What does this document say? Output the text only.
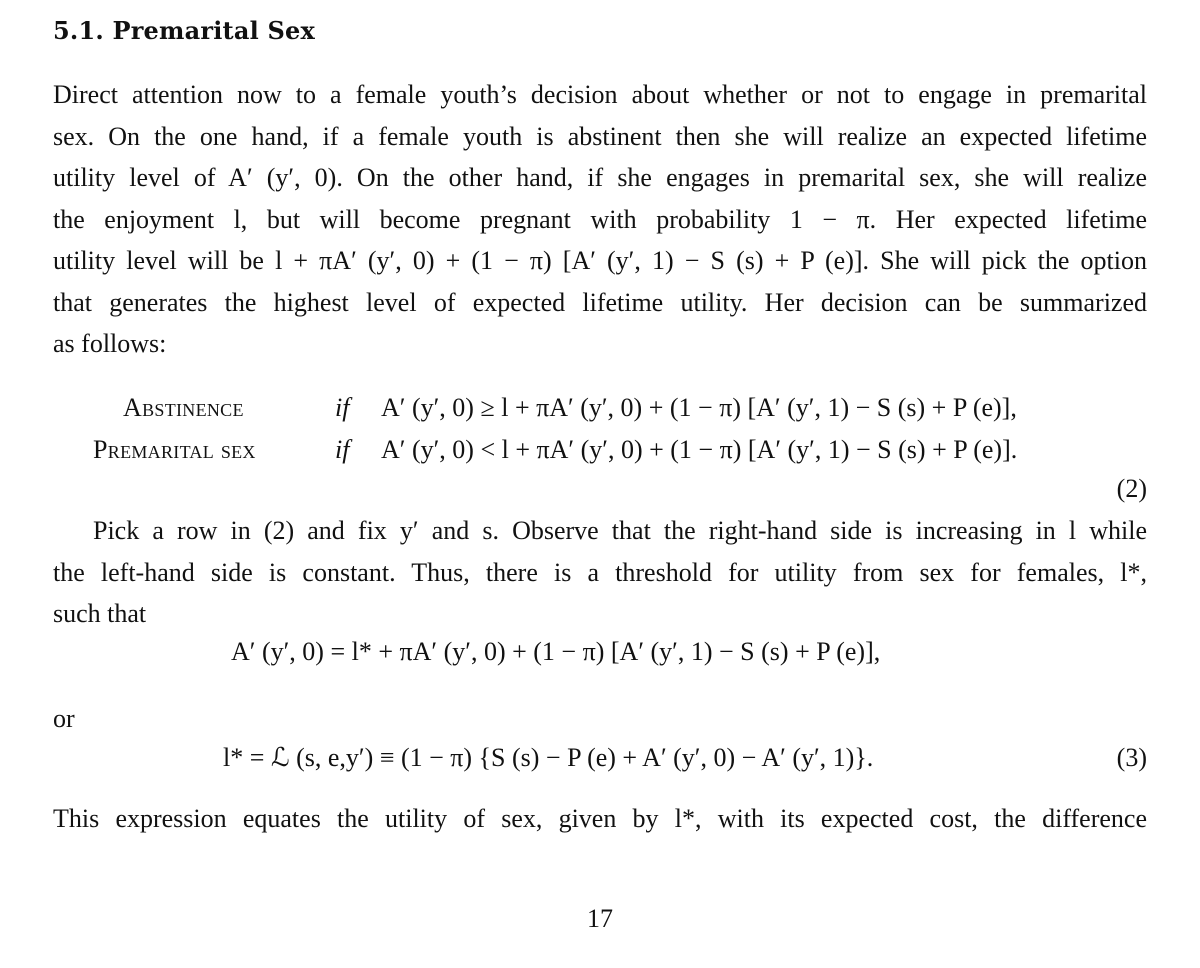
5.1. Premarital Sex
Direct attention now to a female youth’s decision about whether or not to engage in premarital
sex. On the one hand, if a female youth is abstinent then she will realize an expected lifetime
utility level of A′ (y′, 0). On the other hand, if she engages in premarital sex, she will realize
the enjoyment l, but will become pregnant with probability 1 − π. Her expected lifetime
utility level will be l + πA′ (y′, 0) + (1 − π) [A′ (y′, 1) − S (s) + P (e)]. She will pick the option
that generates the highest level of expected lifetime utility. Her decision can be summarized
as follows:
Abstinence	if A′ (y′, 0) ≥ l + πA′ (y′, 0) + (1 − π) [A′ (y′, 1) − S (s) + P (e)],
Premarital sex	if A′ (y′, 0) < l + πA′ (y′, 0) + (1 − π) [A′ (y′, 1) − S (s) + P (e)].
(2)
Pick a row in (2) and fix y′ and s. Observe that the right-hand side is increasing in l while
the left-hand side is constant. Thus, there is a threshold for utility from sex for females, l*,
such that
A′ (y′, 0) = l* + πA′ (y′, 0) + (1 − π) [A′ (y′, 1) − S (s) + P (e)],
or
l* = ℒ (s, e,y′) ≡ (1 − π) {S (s) − P (e) + A′ (y′, 0) − A′ (y′, 1)}.	(3)
This expression equates the utility of sex, given by l*, with its expected cost, the difference
17
